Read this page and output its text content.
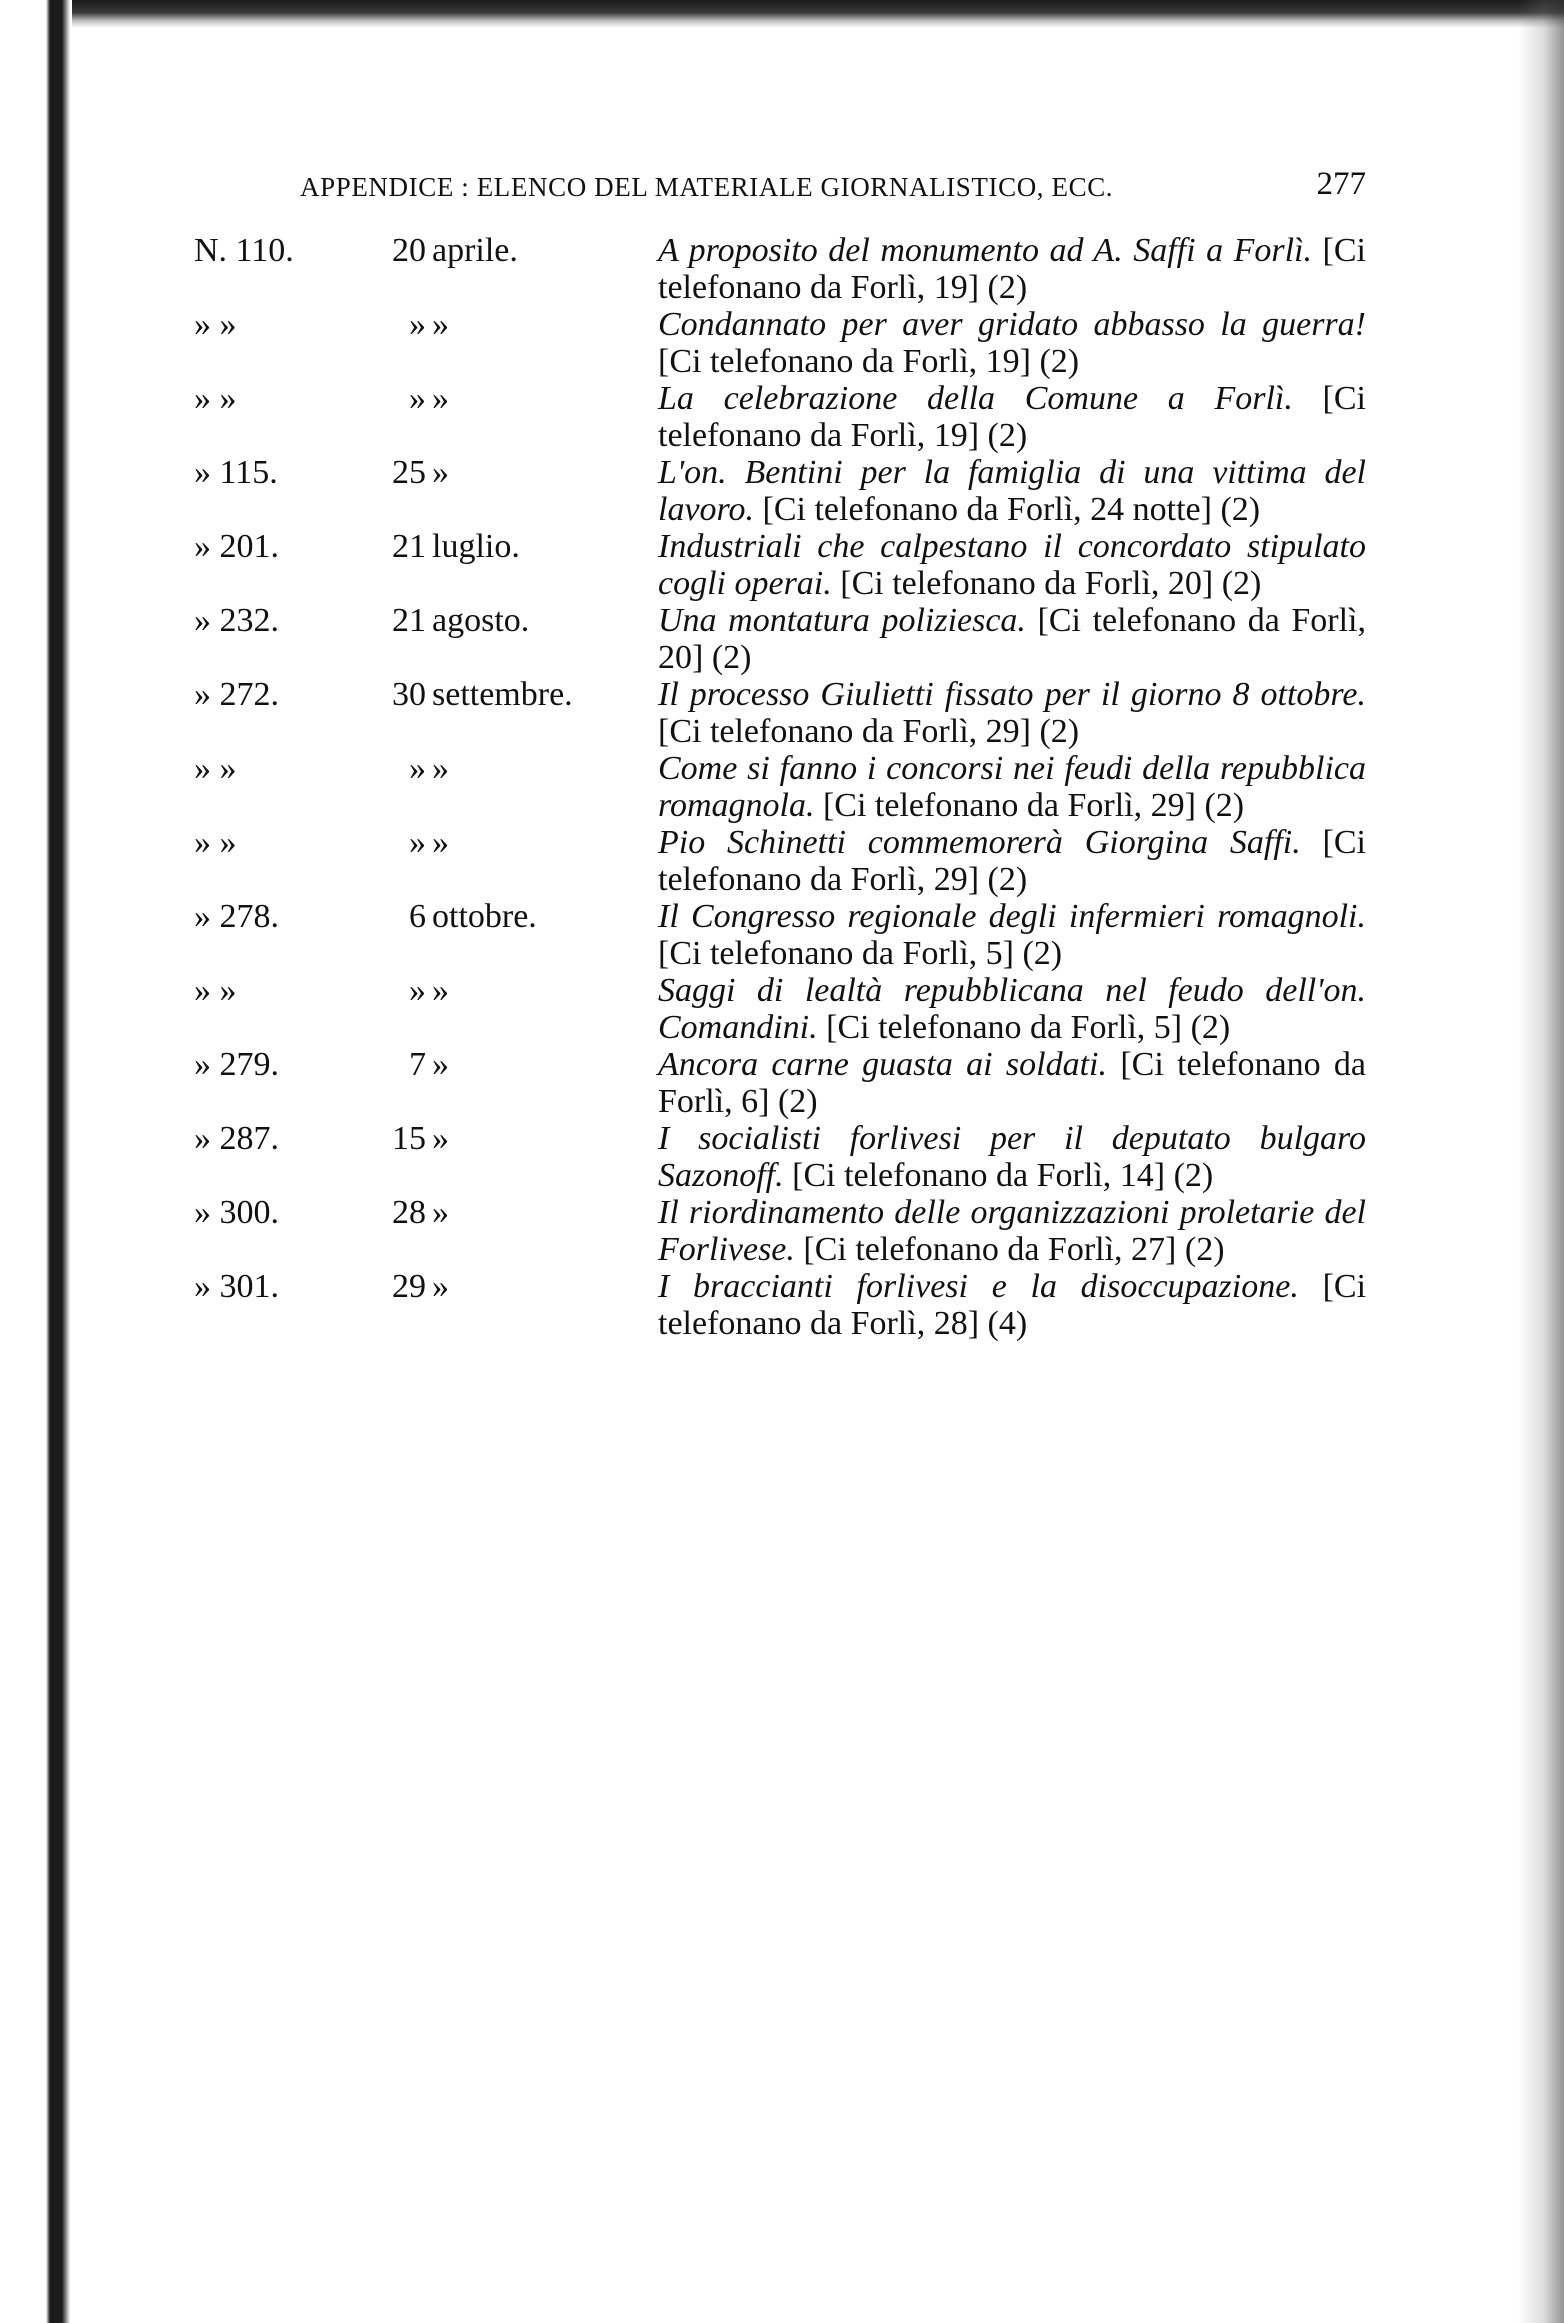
APPENDICE : ELENCO DEL MATERIALE GIORNALISTICO, ECC.	277
N. 110.	20 aprile.	A proposito del monumento ad A. Saffi a Forlì. [Ci telefonano da Forlì, 19] (2)
» »	» »	Condannato per aver gridato abbasso la guerra! [Ci telefonano da Forlì, 19] (2)
» »	» »	La celebrazione della Comune a Forlì. [Ci telefonano da Forlì, 19] (2)
» 115.	25 »	L'on. Bentini per la famiglia di una vittima del lavoro. [Ci telefonano da Forlì, 24 notte] (2)
» 201.	21 luglio.	Industriali che calpestano il concordato stipulato cogli operai. [Ci telefonano da Forlì, 20] (2)
» 232.	21 agosto.	Una montatura poliziesca. [Ci telefonano da Forlì, 20] (2)
» 272.	30 settembre.	Il processo Giulietti fissato per il giorno 8 ottobre. [Ci telefonano da Forlì, 29] (2)
» »	» »	Come si fanno i concorsi nei feudi della repubblica romagnola. [Ci telefonano da Forlì, 29] (2)
» »	» »	Pio Schinetti commemorerà Giorgina Saffi. [Ci telefonano da Forlì, 29] (2)
» 278.	6 ottobre.	Il Congresso regionale degli infermieri romagnoli. [Ci telefonano da Forlì, 5] (2)
» »	» »	Saggi di lealtà repubblicana nel feudo dell'on. Comandini. [Ci telefonano da Forlì, 5] (2)
» 279.	7 »	Ancora carne guasta ai soldati. [Ci telefonano da Forlì, 6] (2)
» 287.	15 »	I socialisti forlivesi per il deputato bulgaro Sazonoff. [Ci telefonano da Forlì, 14] (2)
» 300.	28 »	Il riordinamento delle organizzazioni proletarie del Forlivese. [Ci telefonano da Forlì, 27] (2)
» 301.	29 »	I braccianti forlivesi e la disoccupazione. [Ci telefonano da Forlì, 28] (4)
